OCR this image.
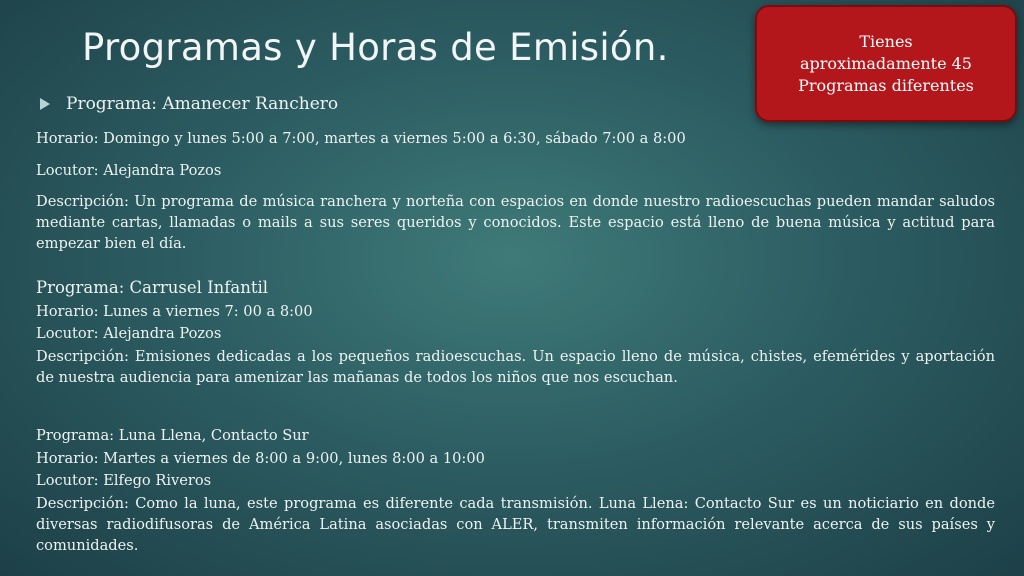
Programas y Horas de Emisión.	Tienes aproximadamente 45 Programas diferentes
Programa: Amanecer Ranchero

Horario: Domingo y lunes 5:00 a 7:00, martes a viernes 5:00 a 6:30, sábado 7:00 a 8:00

Locutor: Alejandra Pozos

Descripción: Un programa de música ranchera y norteña con espacios en donde nuestro radioescuchas pueden mandar saludos mediante cartas, llamadas o mails a sus seres queridos y conocidos. Este espacio está lleno de buena música y actitud para empezar bien el día.

Programa: Carrusel Infantil

Horario: Lunes a viernes 7: 00 a 8:00

Locutor: Alejandra Pozos

Descripción: Emisiones dedicadas a los pequeños radioescuchas. Un espacio lleno de música, chistes, efemérides y aportación de nuestra audiencia para amenizar las mañanas de todos los niños que nos escuchan.

Programa: Luna Llena, Contacto Sur

Horario: Martes a viernes de 8:00 a 9:00, lunes 8:00 a 10:00

Locutor: Elfego Riveros

Descripción: Como la luna, este programa es diferente cada transmisión. Luna Llena: Contacto Sur es un noticiario en donde diversas radiodifusoras de América Latina asociadas con ALER, transmiten información relevante acerca de sus países y comunidades.
